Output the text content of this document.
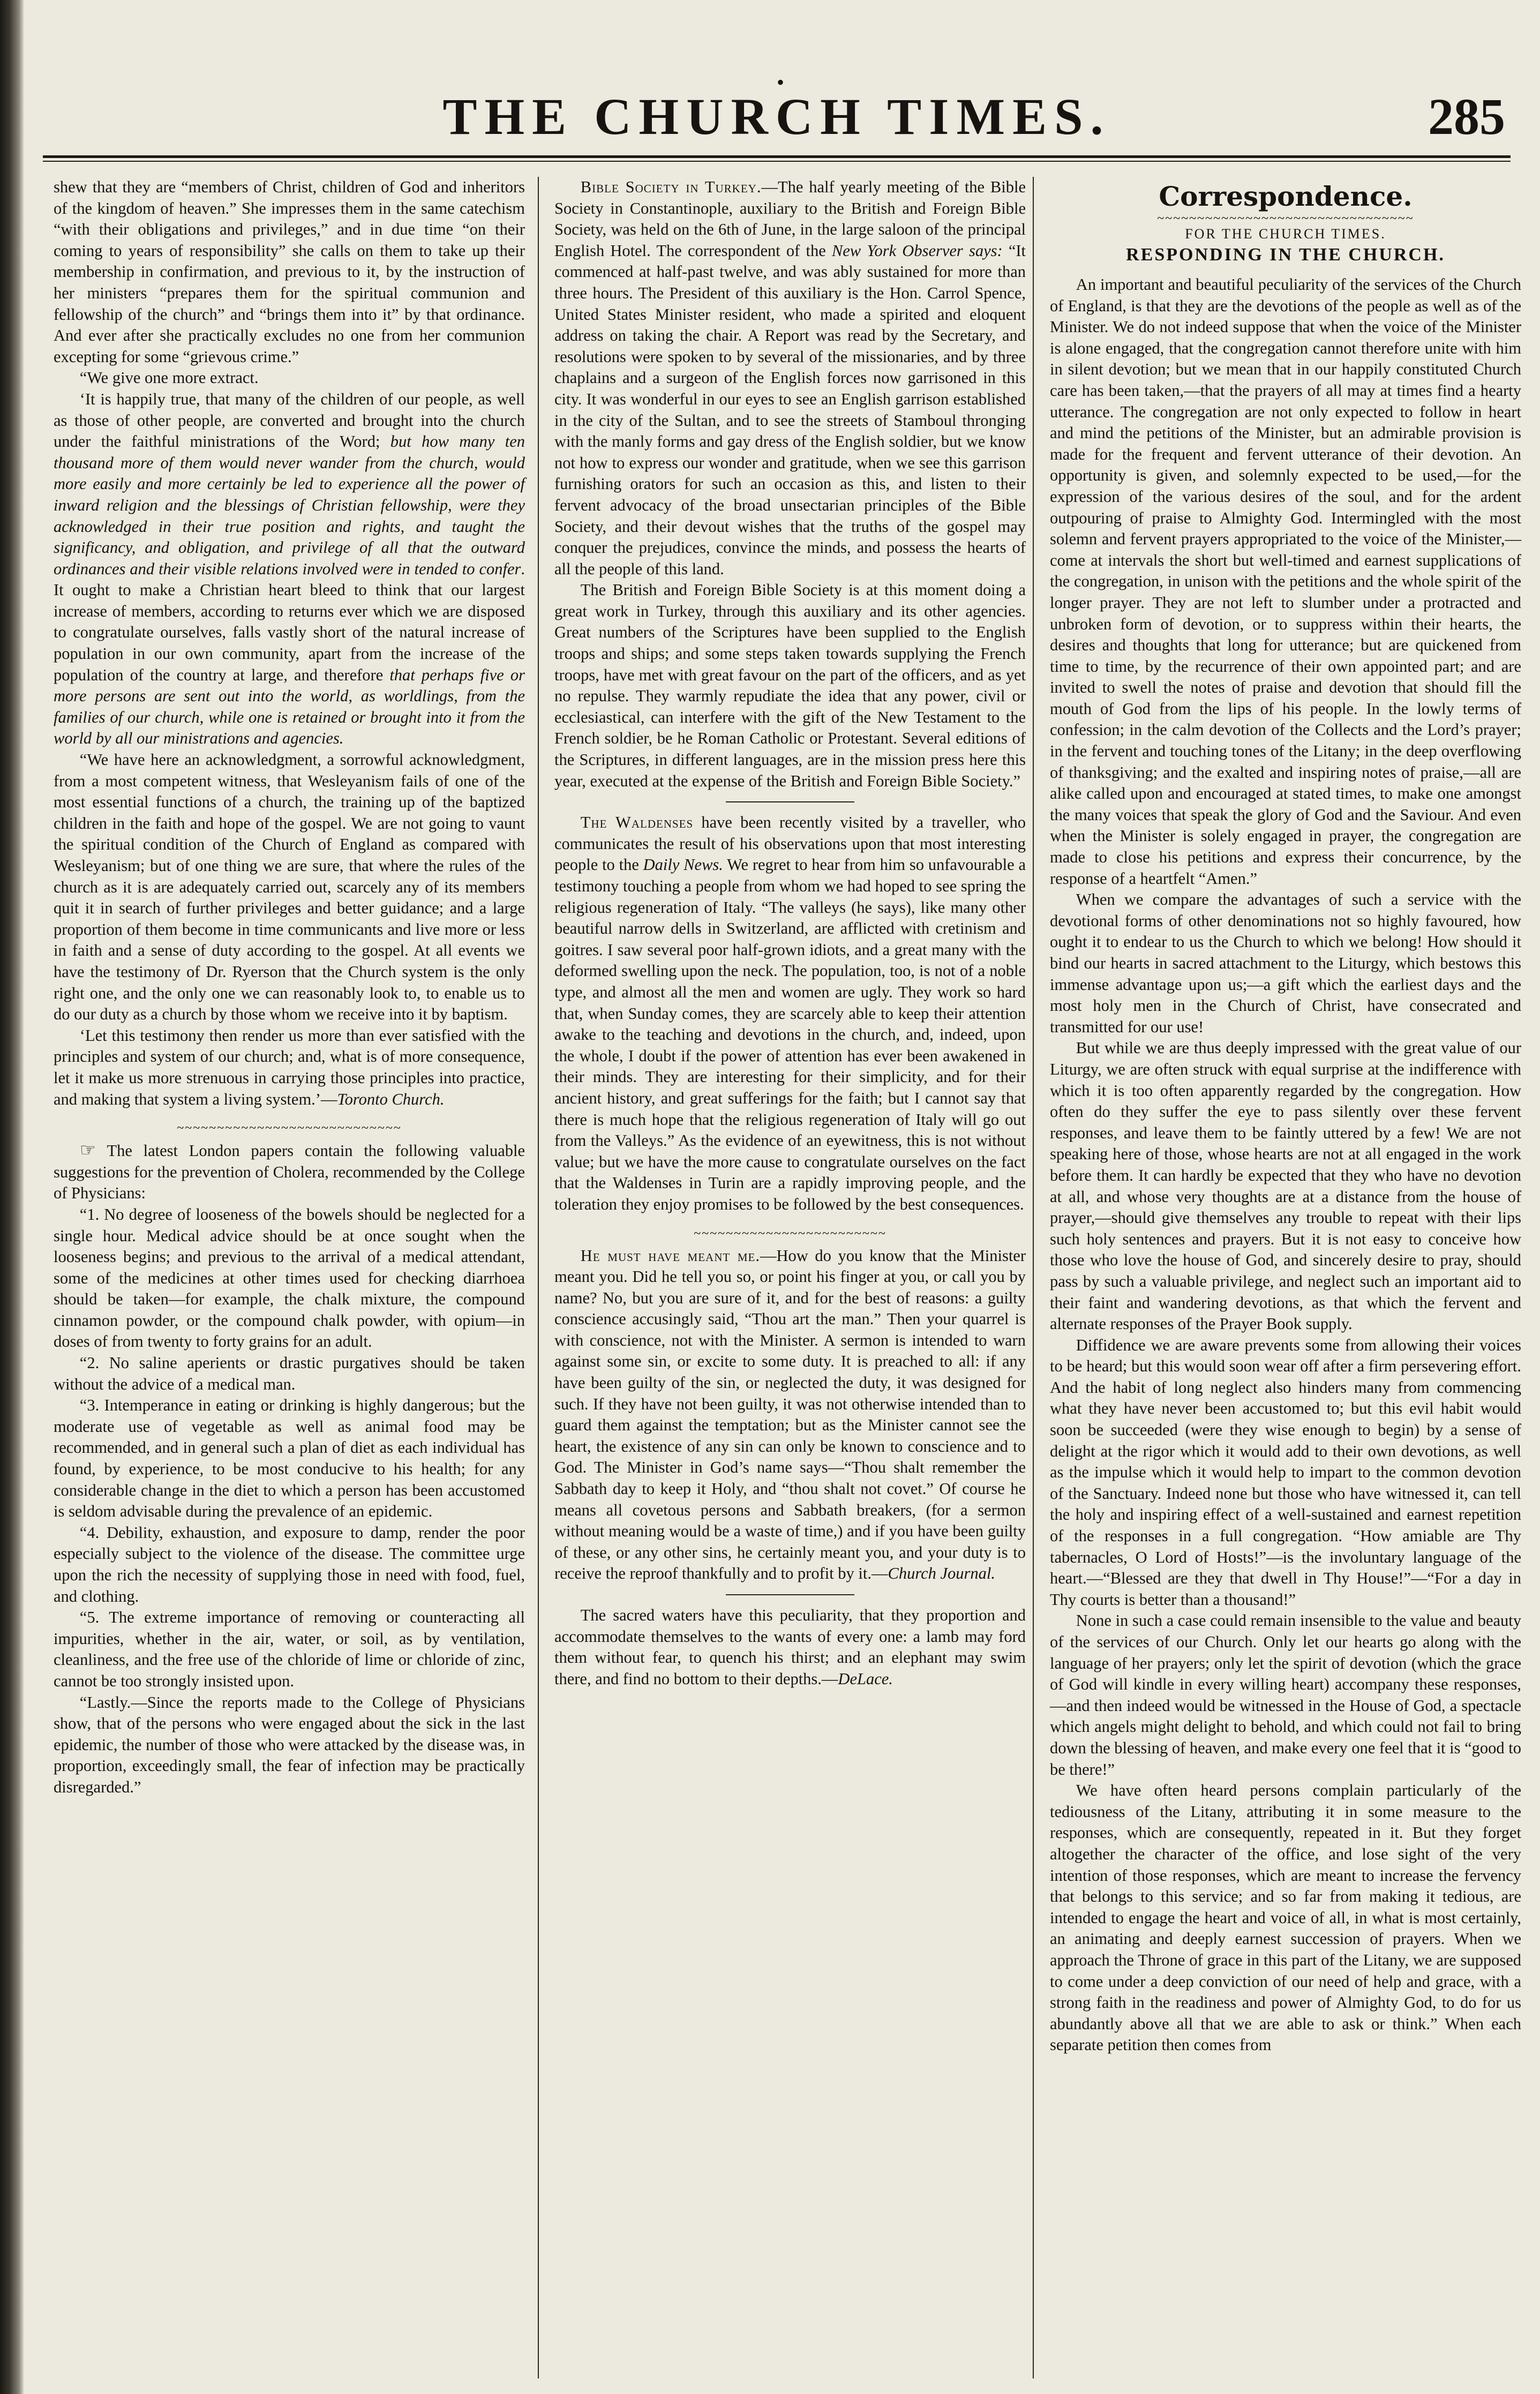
•
THE CHURCH TIMES.	285

shew that they are “members of Christ, children of God and inheritors of the kingdom of heaven.” She impresses them in the same catechism “with their obligations and privileges,” and in due time “on their coming to years of responsibility” she calls on them to take up their membership in confirmation, and previous to it, by the instruction of her ministers “prepares them for the spiritual communion and fellowship of the church” and “brings them into it” by that ordinance. And ever after she practically excludes no one from her communion excepting for some “grievous crime.”

“We give one more extract.

‘It is happily true, that many of the children of our people, as well as those of other people, are converted and brought into the church under the faithful ministrations of the Word; but how many ten thousand more of them would never wander from the church, would more easily and more certainly be led to experience all the power of inward religion and the blessings of Christian fellowship, were they acknowledged in their true position and rights, and taught the significancy, and obligation, and privilege of all that the outward ordinances and their visible relations involved were in tended to confer. It ought to make a Christian heart bleed to think that our largest increase of members, according to returns ever which we are disposed to congratulate ourselves, falls vastly short of the natural increase of population in our own community, apart from the increase of the population of the country at large, and therefore that perhaps five or more persons are sent out into the world, as worldlings, from the families of our church, while one is retained or brought into it from the world by all our ministrations and agencies.

“We have here an acknowledgment, a sorrowful acknowledgment, from a most competent witness, that Wesleyanism fails of one of the most essential functions of a church, the training up of the baptized children in the faith and hope of the gospel. We are not going to vaunt the spiritual condition of the Church of England as compared with Wesleyanism; but of one thing we are sure, that where the rules of the church as it is are adequately carried out, scarcely any of its members quit it in search of further privileges and better guidance; and a large proportion of them become in time communicants and live more or less in faith and a sense of duty according to the gospel. At all events we have the testimony of Dr. Ryerson that the Church system is the only right one, and the only one we can reasonably look to, to enable us to do our duty as a church by those whom we receive into it by baptism.

‘Let this testimony then render us more than ever satisfied with the principles and system of our church; and, what is of more consequence, let it make us more strenuous in carrying those principles into practice, and making that system a living system.’—Toronto Church.

~~~~~~~~~~~~~~~~~~~~~~~~~~~~

☞ The latest London papers contain the following valuable suggestions for the prevention of Cholera, recommended by the College of Physicians:

“1. No degree of looseness of the bowels should be neglected for a single hour. Medical advice should be at once sought when the looseness begins; and previous to the arrival of a medical attendant, some of the medicines at other times used for checking diarrhoea should be taken—for example, the chalk mixture, the compound cinnamon powder, or the compound chalk powder, with opium—in doses of from twenty to forty grains for an adult.

“2. No saline aperients or drastic purgatives should be taken without the advice of a medical man.

“3. Intemperance in eating or drinking is highly dangerous; but the moderate use of vegetable as well as animal food may be recommended, and in general such a plan of diet as each individual has found, by experience, to be most conducive to his health; for any considerable change in the diet to which a person has been accustomed is seldom advisable during the prevalence of an epidemic.

“4. Debility, exhaustion, and exposure to damp, render the poor especially subject to the violence of the disease. The committee urge upon the rich the necessity of supplying those in need with food, fuel, and clothing.

“5. The extreme importance of removing or counteracting all impurities, whether in the air, water, or soil, as by ventilation, cleanliness, and the free use of the chloride of lime or chloride of zinc, cannot be too strongly insisted upon.

“Lastly.—Since the reports made to the College of Physicians show, that of the persons who were engaged about the sick in the last epidemic, the number of those who were attacked by the disease was, in proportion, exceedingly small, the fear of infection may be practically disregarded.”

Bible Society in Turkey.—The half yearly meeting of the Bible Society in Constantinople, auxiliary to the British and Foreign Bible Society, was held on the 6th of June, in the large saloon of the principal English Hotel. The correspondent of the New York Observer says: “It commenced at half-past twelve, and was ably sustained for more than three hours. The President of this auxiliary is the Hon. Carrol Spence, United States Minister resident, who made a spirited and eloquent address on taking the chair. A Report was read by the Secretary, and resolutions were spoken to by several of the missionaries, and by three chaplains and a surgeon of the English forces now garrisoned in this city. It was wonderful in our eyes to see an English garrison established in the city of the Sultan, and to see the streets of Stamboul thronging with the manly forms and gay dress of the English soldier, but we know not how to express our wonder and gratitude, when we see this garrison furnishing orators for such an occasion as this, and listen to their fervent advocacy of the broad unsectarian principles of the Bible Society, and their devout wishes that the truths of the gospel may conquer the prejudices, convince the minds, and possess the hearts of all the people of this land.

The British and Foreign Bible Society is at this moment doing a great work in Turkey, through this auxiliary and its other agencies. Great numbers of the Scriptures have been supplied to the English troops and ships; and some steps taken towards supplying the French troops, have met with great favour on the part of the officers, and as yet no repulse. They warmly repudiate the idea that any power, civil or ecclesiastical, can interfere with the gift of the New Testament to the French soldier, be he Roman Catholic or Protestant. Several editions of the Scriptures, in different languages, are in the mission press here this year, executed at the expense of the British and Foreign Bible Society.”

The Waldenses have been recently visited by a traveller, who communicates the result of his observations upon that most interesting people to the Daily News. We regret to hear from him so unfavourable a testimony touching a people from whom we had hoped to see spring the religious regeneration of Italy. “The valleys (he says), like many other beautiful narrow dells in Switzerland, are afflicted with cretinism and goitres. I saw several poor half-grown idiots, and a great many with the deformed swelling upon the neck. The population, too, is not of a noble type, and almost all the men and women are ugly. They work so hard that, when Sunday comes, they are scarcely able to keep their attention awake to the teaching and devotions in the church, and, indeed, upon the whole, I doubt if the power of attention has ever been awakened in their minds. They are interesting for their simplicity, and for their ancient history, and great sufferings for the faith; but I cannot say that there is much hope that the religious regeneration of Italy will go out from the Valleys.” As the evidence of an eyewitness, this is not without value; but we have the more cause to congratulate ourselves on the fact that the Waldenses in Turin are a rapidly improving people, and the toleration they enjoy promises to be followed by the best consequences.

~~~~~~~~~~~~~~~~~~~~~~~~

He must have meant me.—How do you know that the Minister meant you. Did he tell you so, or point his finger at you, or call you by name? No, but you are sure of it, and for the best of reasons: a guilty conscience accusingly said, “Thou art the man.” Then your quarrel is with conscience, not with the Minister. A sermon is intended to warn against some sin, or excite to some duty. It is preached to all: if any have been guilty of the sin, or neglected the duty, it was designed for such. If they have not been guilty, it was not otherwise intended than to guard them against the temptation; but as the Minister cannot see the heart, the existence of any sin can only be known to conscience and to God. The Minister in God’s name says—“Thou shalt remember the Sabbath day to keep it Holy, and “thou shalt not covet.” Of course he means all covetous persons and Sabbath breakers, (for a sermon without meaning would be a waste of time,) and if you have been guilty of these, or any other sins, he certainly meant you, and your duty is to receive the reproof thankfully and to profit by it.—Church Journal.

The sacred waters have this peculiarity, that they proportion and accommodate themselves to the wants of every one: a lamb may ford them without fear, to quench his thirst; and an elephant may swim there, and find no bottom to their depths.—DeLace.

Correspondence.
~~~~~~~~~~~~~~~~~~~~~~~~~~~~~~~~
FOR THE CHURCH TIMES.
RESPONDING IN THE CHURCH.

An important and beautiful peculiarity of the services of the Church of England, is that they are the devotions of the people as well as of the Minister. We do not indeed suppose that when the voice of the Minister is alone engaged, that the congregation cannot therefore unite with him in silent devotion; but we mean that in our happily constituted Church care has been taken,—that the prayers of all may at times find a hearty utterance. The congregation are not only expected to follow in heart and mind the petitions of the Minister, but an admirable provision is made for the frequent and fervent utterance of their devotion. An opportunity is given, and solemnly expected to be used,—for the expression of the various desires of the soul, and for the ardent outpouring of praise to Almighty God. Intermingled with the most solemn and fervent prayers appropriated to the voice of the Minister,—come at intervals the short but well-timed and earnest supplications of the congregation, in unison with the petitions and the whole spirit of the longer prayer. They are not left to slumber under a protracted and unbroken form of devotion, or to suppress within their hearts, the desires and thoughts that long for utterance; but are quickened from time to time, by the recurrence of their own appointed part; and are invited to swell the notes of praise and devotion that should fill the mouth of God from the lips of his people. In the lowly terms of confession; in the calm devotion of the Collects and the Lord’s prayer; in the fervent and touching tones of the Litany; in the deep overflowing of thanksgiving; and the exalted and inspiring notes of praise,—all are alike called upon and encouraged at stated times, to make one amongst the many voices that speak the glory of God and the Saviour. And even when the Minister is solely engaged in prayer, the congregation are made to close his petitions and express their concurrence, by the response of a heartfelt “Amen.”

When we compare the advantages of such a service with the devotional forms of other denominations not so highly favoured, how ought it to endear to us the Church to which we belong! How should it bind our hearts in sacred attachment to the Liturgy, which bestows this immense advantage upon us;—a gift which the earliest days and the most holy men in the Church of Christ, have consecrated and transmitted for our use!

But while we are thus deeply impressed with the great value of our Liturgy, we are often struck with equal surprise at the indifference with which it is too often apparently regarded by the congregation. How often do they suffer the eye to pass silently over these fervent responses, and leave them to be faintly uttered by a few! We are not speaking here of those, whose hearts are not at all engaged in the work before them. It can hardly be expected that they who have no devotion at all, and whose very thoughts are at a distance from the house of prayer,—should give themselves any trouble to repeat with their lips such holy sentences and prayers. But it is not easy to conceive how those who love the house of God, and sincerely desire to pray, should pass by such a valuable privilege, and neglect such an important aid to their faint and wandering devotions, as that which the fervent and alternate responses of the Prayer Book supply.

Diffidence we are aware prevents some from allowing their voices to be heard; but this would soon wear off after a firm persevering effort. And the habit of long neglect also hinders many from commencing what they have never been accustomed to; but this evil habit would soon be succeeded (were they wise enough to begin) by a sense of delight at the rigor which it would add to their own devotions, as well as the impulse which it would help to impart to the common devotion of the Sanctuary. Indeed none but those who have witnessed it, can tell the holy and inspiring effect of a well-sustained and earnest repetition of the responses in a full congregation. “How amiable are Thy tabernacles, O Lord of Hosts!”—is the involuntary language of the heart.—“Blessed are they that dwell in Thy House!”—“For a day in Thy courts is better than a thousand!”

None in such a case could remain insensible to the value and beauty of the services of our Church. Only let our hearts go along with the language of her prayers; only let the spirit of devotion (which the grace of God will kindle in every willing heart) accompany these responses,—and then indeed would be witnessed in the House of God, a spectacle which angels might delight to behold, and which could not fail to bring down the blessing of heaven, and make every one feel that it is “good to be there!”

We have often heard persons complain particularly of the tediousness of the Litany, attributing it in some measure to the responses, which are consequently, repeated in it. But they forget altogether the character of the office, and lose sight of the very intention of those responses, which are meant to increase the fervency that belongs to this service; and so far from making it tedious, are intended to engage the heart and voice of all, in what is most certainly, an animating and deeply earnest succession of prayers. When we approach the Throne of grace in this part of the Litany, we are supposed to come under a deep conviction of our need of help and grace, with a strong faith in the readiness and power of Almighty God, to do for us abundantly above all that we are able to ask or think.” When each separate petition then comes from
